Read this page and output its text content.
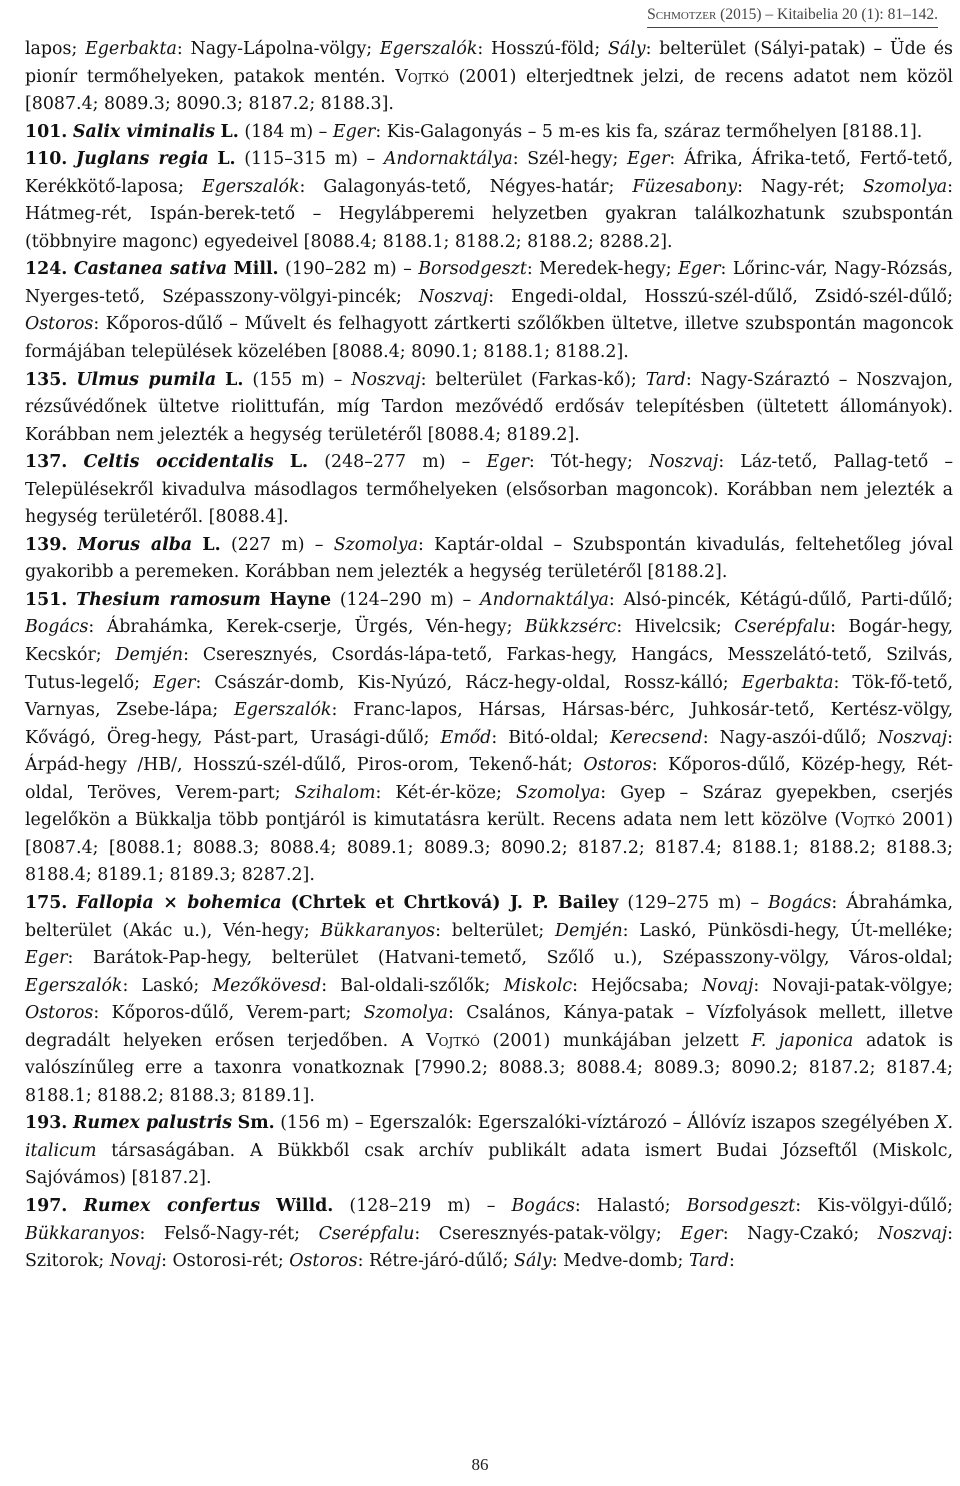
Schmotzer (2015) – Kitaibelia 20 (1): 81–142.

lapos; Egerbakta: Nagy-Lápolna-völgy; Egerszalók: Hosszú-föld; Sály: belterület (Sályi-patak) – Üde és pionír termőhelyeken, patakok mentén. Vojtkó (2001) elterjedtnek jelzi, de recens adatot nem közöl [8087.4; 8089.3; 8090.3; 8187.2; 8188.3].

101. Salix viminalis L. (184 m) – Eger: Kis-Galagonyás – 5 m-es kis fa, száraz termőhelyen [8188.1].

110. Juglans regia L. (115–315 m) – Andornaktálya: Szél-hegy; Eger: Áfrika, Áfrika-tető, Fertő-tető, Kerékkötő-laposa; Egerszalók: Galagonyás-tető, Négyes-határ; Füzesabony: Nagy-rét; Szomolya: Hátmeg-rét, Ispán-berek-tető – Hegylábperemi helyzetben gyakran találkozhatunk szubspontán (többnyire magonc) egyedeivel [8088.4; 8188.1; 8188.2; 8188.2; 8288.2].

124. Castanea sativa Mill. (190–282 m) – Borsodgeszt: Meredek-hegy; Eger: Lőrinc-vár, Nagy-Rózsás, Nyerges-tető, Szépasszony-völgyi-pincék; Noszvaj: Engedi-oldal, Hosszú-szél-dűlő, Zsidó-szél-dűlő; Ostoros: Kőporos-dűlő – Művelt és felhagyott zártkerti szőlőkben ültetve, illetve szubspontán magoncok formájában települések közelében [8088.4; 8090.1; 8188.1; 8188.2].

135. Ulmus pumila L. (155 m) – Noszvaj: belterület (Farkas-kő); Tard: Nagy-Száraztó – Noszvajon, rézsűvédőnek ültetve riolittufán, míg Tardon mezővédő erdősáv telepítésben (ültetett állományok). Korábban nem jelezték a hegység területéről [8088.4; 8189.2].

137. Celtis occidentalis L. (248–277 m) – Eger: Tót-hegy; Noszvaj: Láz-tető, Pallag-tető – Településekről kivadulva másodlagos termőhelyeken (elsősorban magoncok). Korábban nem jelezték a hegység területéről. [8088.4].

139. Morus alba L. (227 m) – Szomolya: Kaptár-oldal – Szubspontán kivadulás, feltehetőleg jóval gyakoribb a peremeken. Korábban nem jelezték a hegység területéről [8188.2].

151. Thesium ramosum Hayne (124–290 m) – Andornaktálya: Alsó-pincék, Kétágú-dűlő, Parti-dűlő; Bogács: Ábrahámka, Kerek-cserje, Ürgés, Vén-hegy; Bükkzsérc: Hivelcsik; Cserépfalu: Bogár-hegy, Kecskór; Demjén: Cseresznyés, Csordás-lápa-tető, Farkas-hegy, Hangács, Messzelátó-tető, Szilvás, Tutus-legelő; Eger: Császár-domb, Kis-Nyúzó, Rácz-hegy-oldal, Rossz-kálló; Egerbakta: Tök-fő-tető, Varnyas, Zsebe-lápa; Egerszalók: Franc-lapos, Hársas, Hársas-bérc, Juhkosár-tető, Kertész-völgy, Kővágó, Öreg-hegy, Pást-part, Urasági-dűlő; Emőd: Bitó-oldal; Kerecsend: Nagy-aszói-dűlő; Noszvaj: Árpád-hegy /HB/, Hosszú-szél-dűlő, Piros-orom, Tekenő-hát; Ostoros: Kőporos-dűlő, Közép-hegy, Rét-oldal, Teröves, Verem-part; Szihalom: Két-ér-köze; Szomolya: Gyep – Száraz gyepekben, cserjés legelőkön a Bükkalja több pontjáról is kimutatásra került. Recens adata nem lett közölve (Vojtkó 2001) [8087.4; [8088.1; 8088.3; 8088.4; 8089.1; 8089.3; 8090.2; 8187.2; 8187.4; 8188.1; 8188.2; 8188.3; 8188.4; 8189.1; 8189.3; 8287.2].

175. Fallopia × bohemica (Chrtek et Chrtková) J. P. Bailey (129–275 m) – Bogács: Ábrahámka, belterület (Akác u.), Vén-hegy; Bükkaranyos: belterület; Demjén: Laskó, Pünkösdi-hegy, Út-melléke; Eger: Barátok-Pap-hegy, belterület (Hatvani-temető, Szőlő u.), Szépasszony-völgy, Város-oldal; Egerszalók: Laskó; Mezőkövesd: Bal-oldali-szőlők; Miskolc: Hejőcsaba; Novaj: Novaji-patak-völgye; Ostoros: Kőporos-dűlő, Verem-part; Szomolya: Csalános, Kánya-patak – Vízfolyások mellett, illetve degradált helyeken erősen terjedőben. A Vojtkó (2001) munkájában jelzett F. japonica adatok is valószínűleg erre a taxonra vonatkoznak [7990.2; 8088.3; 8088.4; 8089.3; 8090.2; 8187.2; 8187.4; 8188.1; 8188.2; 8188.3; 8189.1].

193. Rumex palustris Sm. (156 m) – Egerszalók: Egerszalóki-víztározó – Állóvíz iszapos szegélyében X. italicum társaságában. A Bükkből csak archív publikált adata ismert Budai Józseftől (Miskolc, Sajóvámos) [8187.2].

197. Rumex confertus Willd. (128–219 m) – Bogács: Halastó; Borsodgeszt: Kis-völgyi-dűlő; Bükkaranyos: Felső-Nagy-rét; Cserépfalu: Cseresznyés-patak-völgy; Eger: Nagy-Czakó; Noszvaj: Szitorok; Novaj: Ostorosi-rét; Ostoros: Rétre-járó-dűlő; Sály: Medve-domb; Tard:

86
